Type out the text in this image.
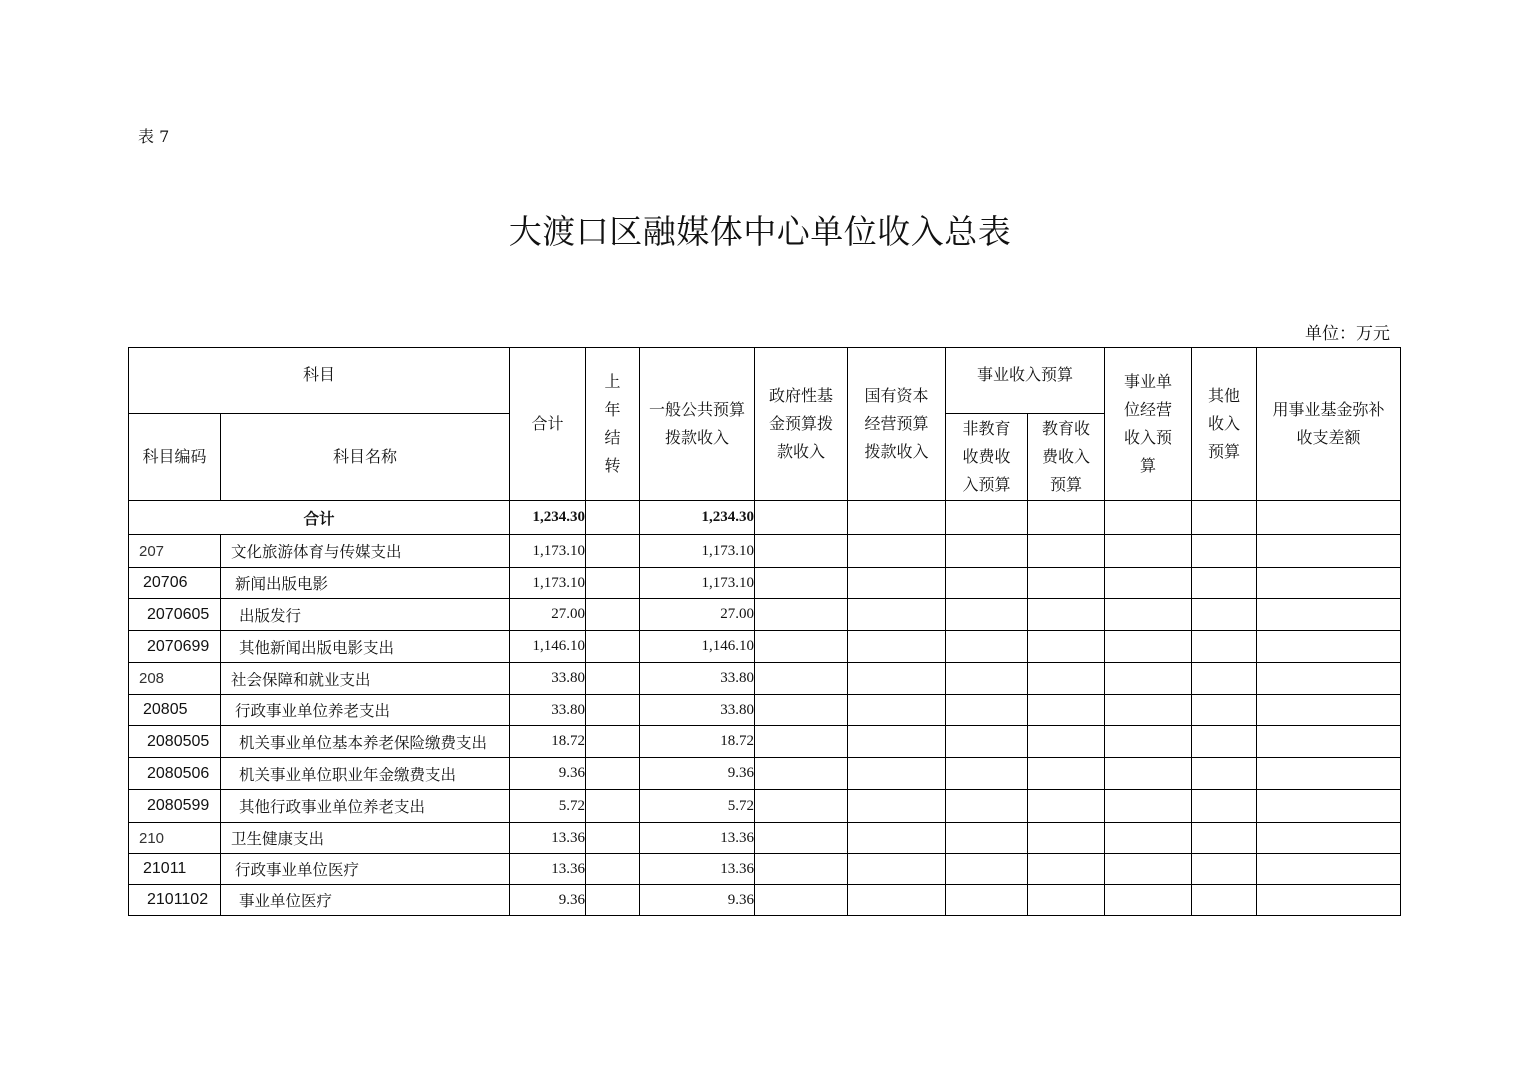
表 7
大渡口区融媒体中心单位收入总表
单位：万元
科目		合计	上年结转	一般公共预算拨款收入	政府性基金预算拨款收入	国有资本经营预算拨款收入	事业收入预算		事业单位经营收入预算	其他收入预算	用事业基金弥补收支差额
科目编码	科目名称						非教育收费收入预算	教育收费收入预算			
合计		1,234.30		1,234.30							
207	文化旅游体育与传媒支出	1,173.10		1,173.10							
20706	新闻出版电影	1,173.10		1,173.10							
2070605	出版发行	27.00		27.00							
2070699	其他新闻出版电影支出	1,146.10		1,146.10							
208	社会保障和就业支出	33.80		33.80							
20805	行政事业单位养老支出	33.80		33.80							
2080505	机关事业单位基本养老保险缴费支出	18.72		18.72							
2080506	机关事业单位职业年金缴费支出	9.36		9.36							
2080599	其他行政事业单位养老支出	5.72		5.72							
210	卫生健康支出	13.36		13.36							
21011	行政事业单位医疗	13.36		13.36							
2101102	事业单位医疗	9.36		9.36							
